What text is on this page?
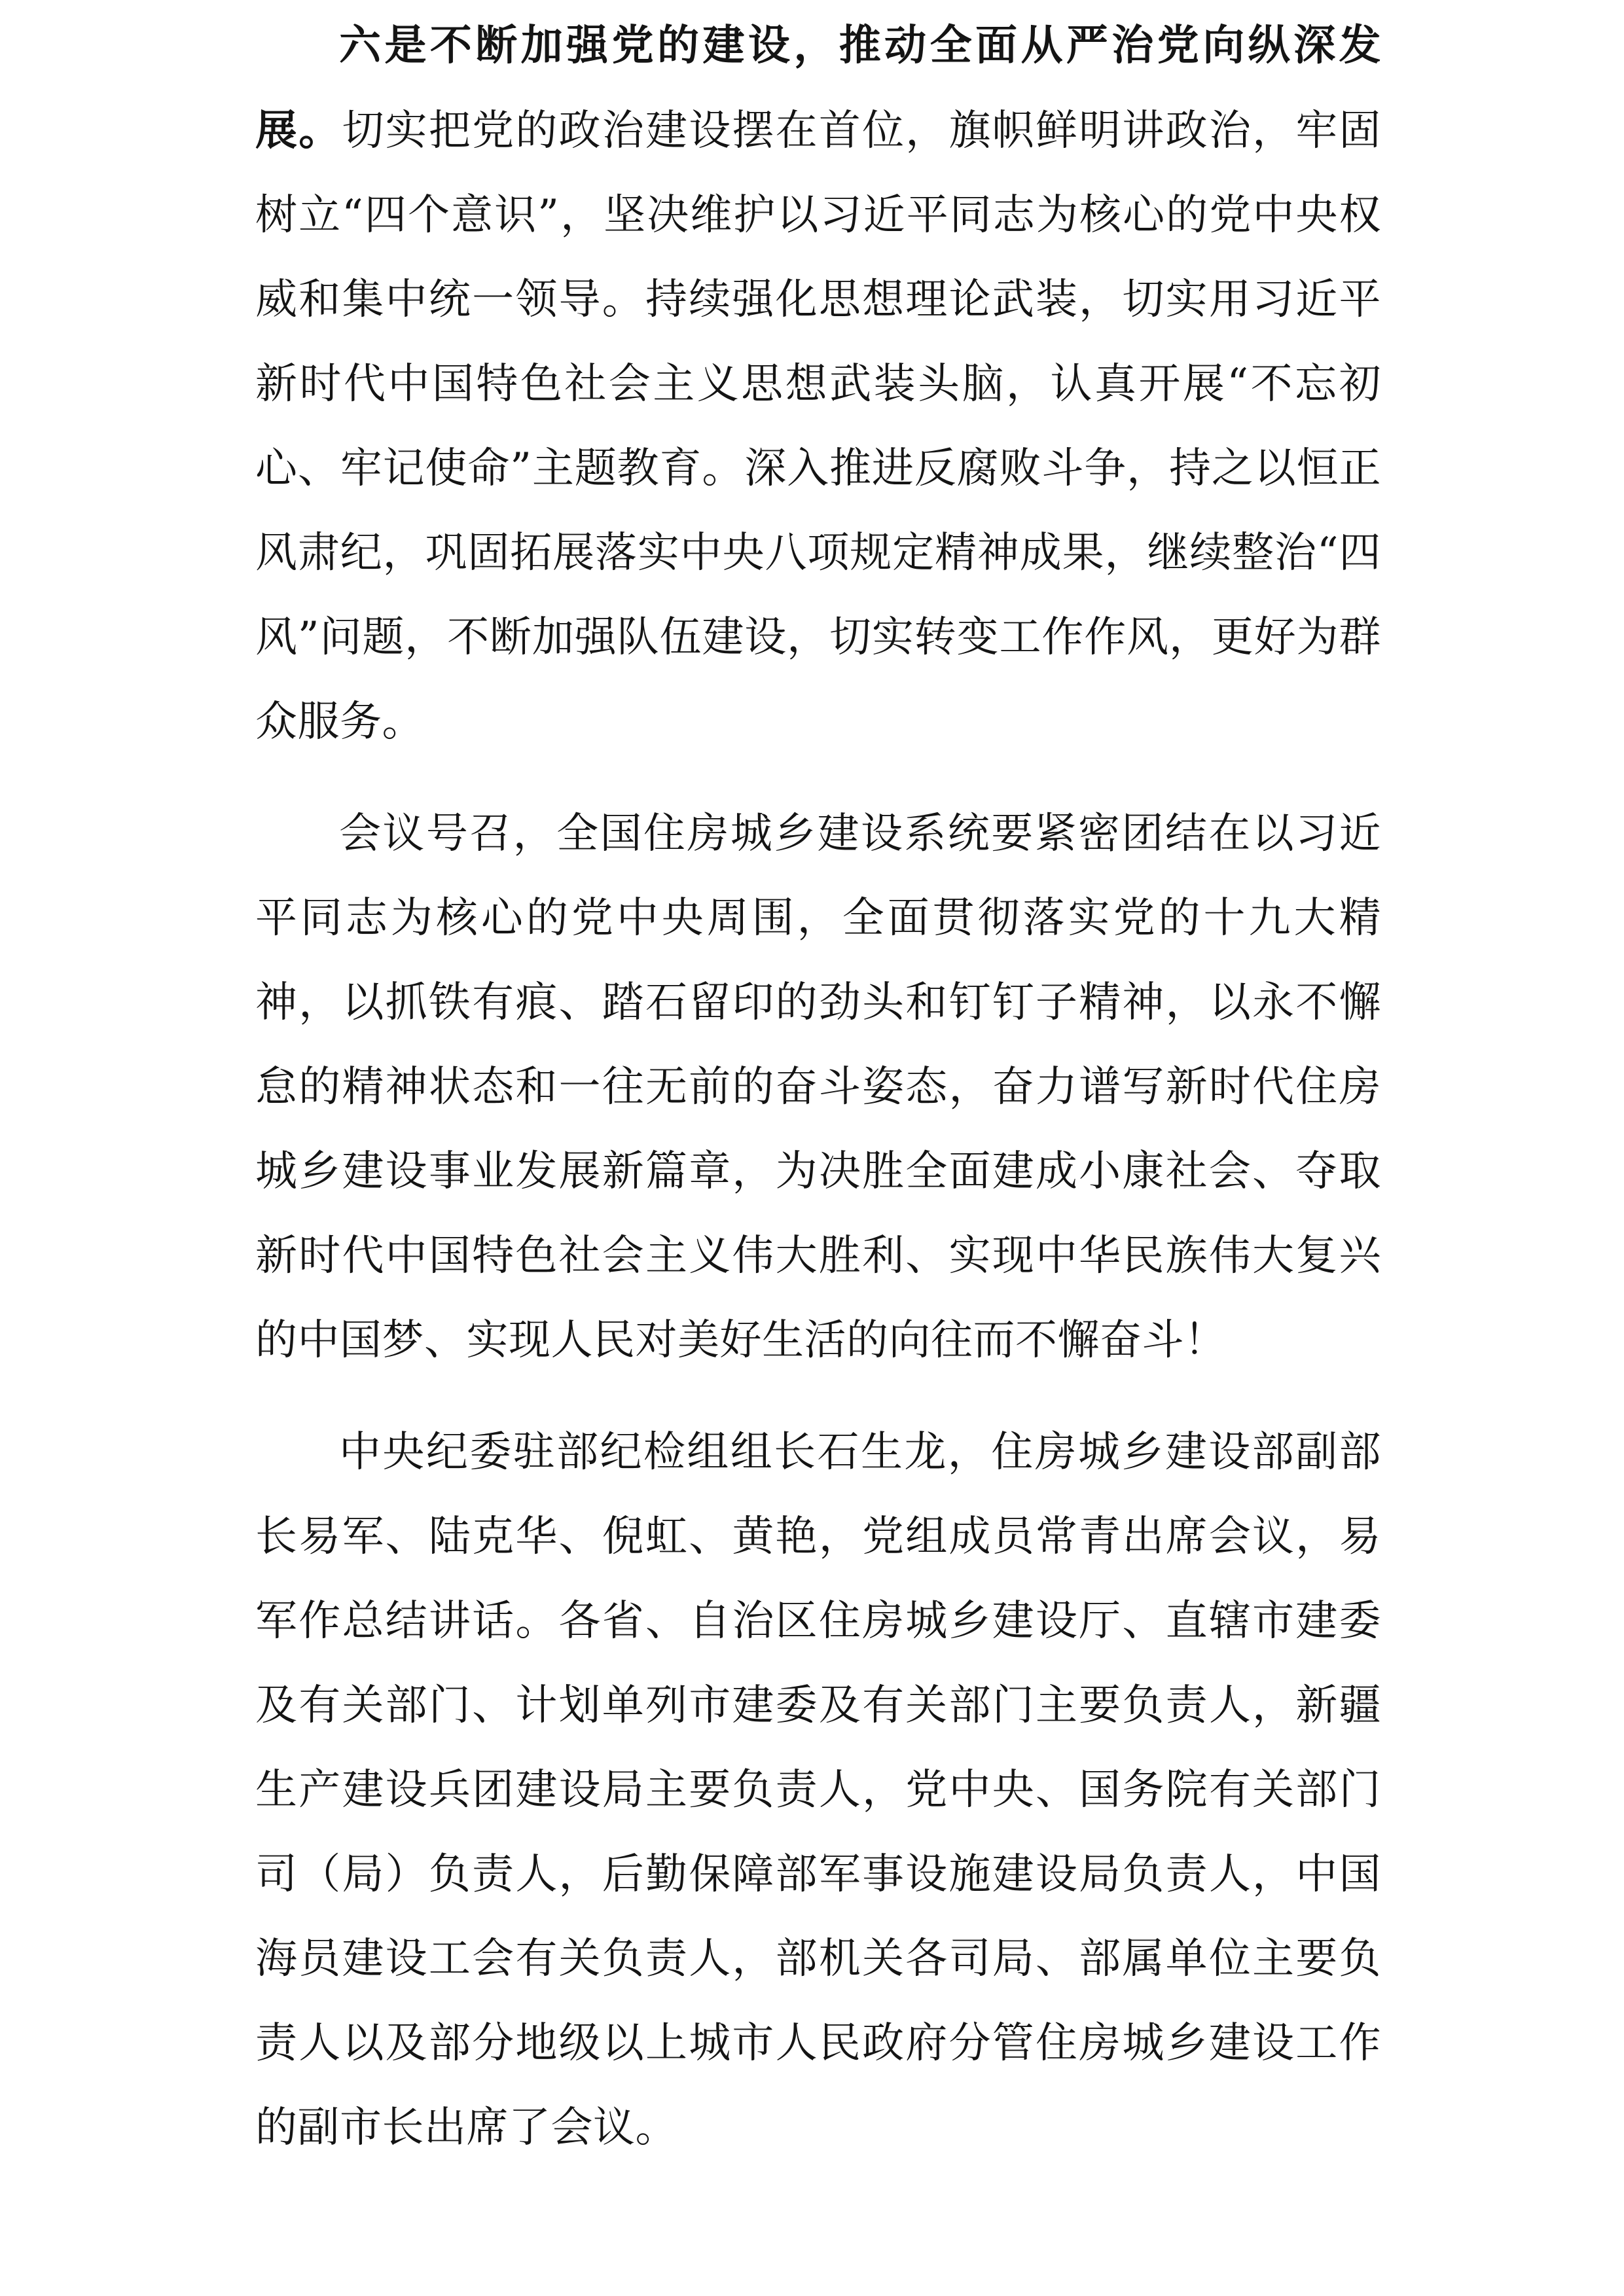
六是不断加强党的建设，推动全面从严治党向纵深发展。切实把党的政治建设摆在首位，旗帜鲜明讲政治，牢固树立“四个意识”，坚决维护以习近平同志为核心的党中央权威和集中统一领导。持续强化思想理论武装，切实用习近平新时代中国特色社会主义思想武装头脑，认真开展“不忘初心、牢记使命”主题教育。深入推进反腐败斗争，持之以恒正风肃纪，巩固拓展落实中央八项规定精神成果，继续整治“四风”问题，不断加强队伍建设，切实转变工作作风，更好为群众服务。

会议号召，全国住房城乡建设系统要紧密团结在以习近平同志为核心的党中央周围，全面贯彻落实党的十九大精神，以抓铁有痕、踏石留印的劲头和钉钉子精神，以永不懈怠的精神状态和一往无前的奋斗姿态，奋力谱写新时代住房城乡建设事业发展新篇章，为决胜全面建成小康社会、夺取新时代中国特色社会主义伟大胜利、实现中华民族伟大复兴的中国梦、实现人民对美好生活的向往而不懈奋斗！

中央纪委驻部纪检组组长石生龙，住房城乡建设部副部长易军、陆克华、倪虹、黄艳，党组成员常青出席会议，易军作总结讲话。各省、自治区住房城乡建设厅、直辖市建委及有关部门、计划单列市建委及有关部门主要负责人，新疆生产建设兵团建设局主要负责人，党中央、国务院有关部门司（局）负责人，后勤保障部军事设施建设局负责人，中国海员建设工会有关负责人，部机关各司局、部属单位主要负责人以及部分地级以上城市人民政府分管住房城乡建设工作的副市长出席了会议。
